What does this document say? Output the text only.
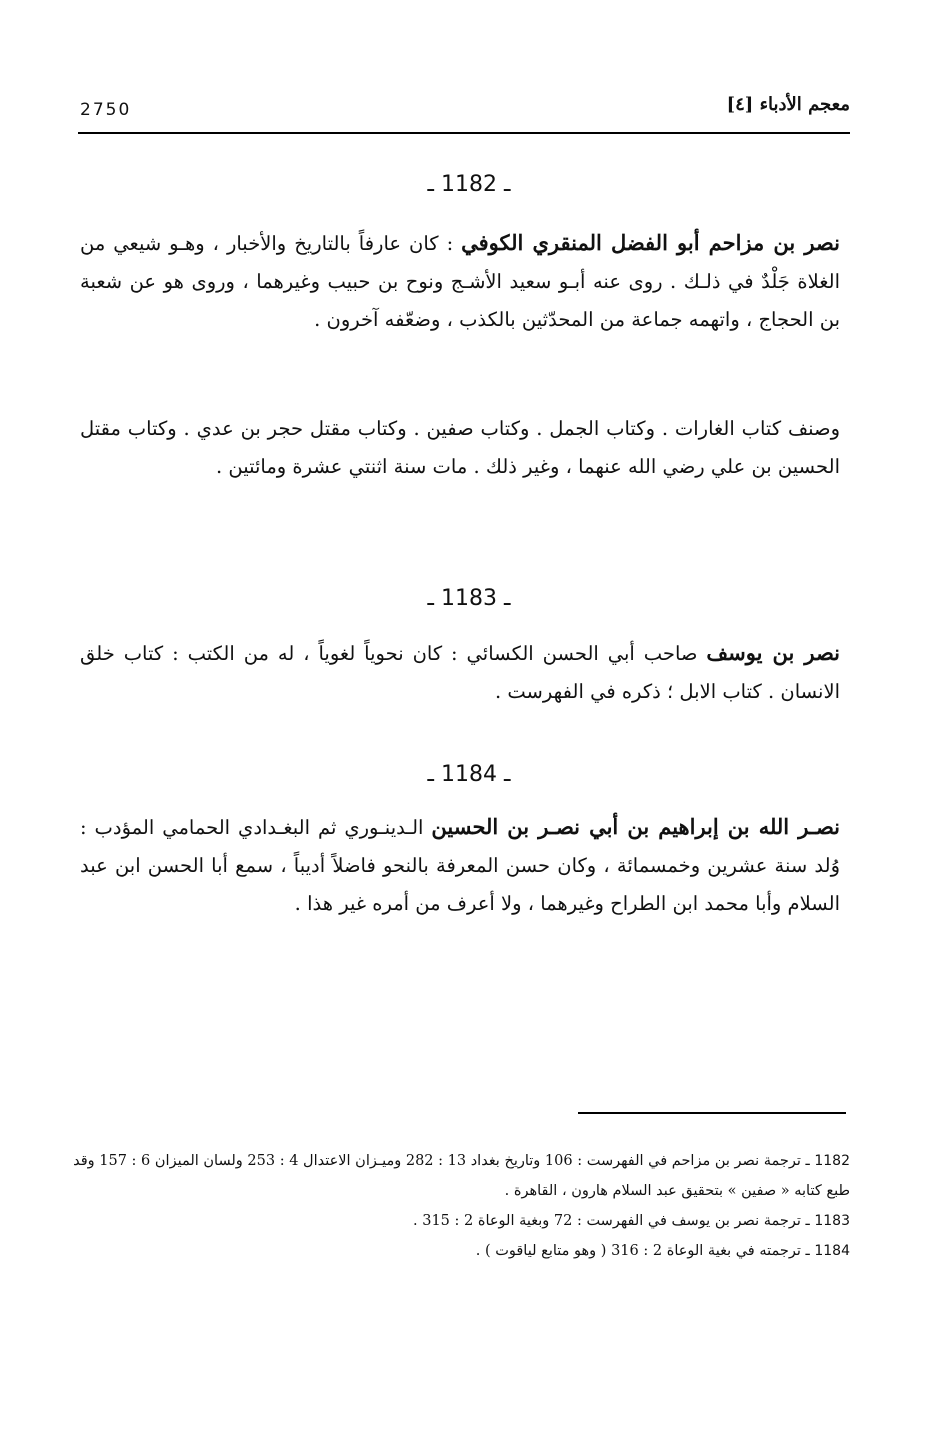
2750	معجم الأدباء [٤]
ـ 1182 ـ
نصر بن مزاحم أبو الفضل المنقري الكوفي : كان عارفاً بالتاريخ والأخبار ، وهـو شيعي من الغلاة جَلْدٌ في ذلـك . روى عنه أبـو سعيد الأشـج ونوح بن حبيب وغيرهما ، وروى هو عن شعبة بن الحجاج ، واتهمه جماعة من المحدّثين بالكذب ، وضعّفه آخرون .
وصنف كتاب الغارات . وكتاب الجمل . وكتاب صفين . وكتاب مقتل حجر بن عدي . وكتاب مقتل الحسين بن علي رضي الله عنهما ، وغير ذلك . مات سنة اثنتي عشرة ومائتين .
ـ 1183 ـ
نصر بن يوسف صاحب أبي الحسن الكسائي : كان نحوياً لغوياً ، له من الكتب : كتاب خلق الانسان . كتاب الابل ؛ ذكره في الفهرست .
ـ 1184 ـ
نصـر الله بن إبراهيم بن أبي نصـر بن الحسين الـدينـوري ثم البغـدادي الحمامي المؤدب : وُلد سنة عشرين وخمسمائة ، وكان حسن المعرفة بالنحو فاضلاً أديباً ، سمع أبا الحسن ابن عبد السلام وأبا محمد ابن الطراح وغيرهما ، ولا أعرف من أمره غير هذا .
1182 ـ ترجمة نصر بن مزاحم في الفهرست : 106 وتاريخ بغداد 13 : 282 وميـزان الاعتدال 4 : 253 ولسان الميزان 6 : 157 وقد طبع كتابه « صفين » بتحقيق عبد السلام هارون ، القاهرة .
1183 ـ ترجمة نصر بن يوسف في الفهرست : 72 وبغية الوعاة 2 : 315 .
1184 ـ ترجمته في بغية الوعاة 2 : 316 ( وهو متابع لياقوت ) .
